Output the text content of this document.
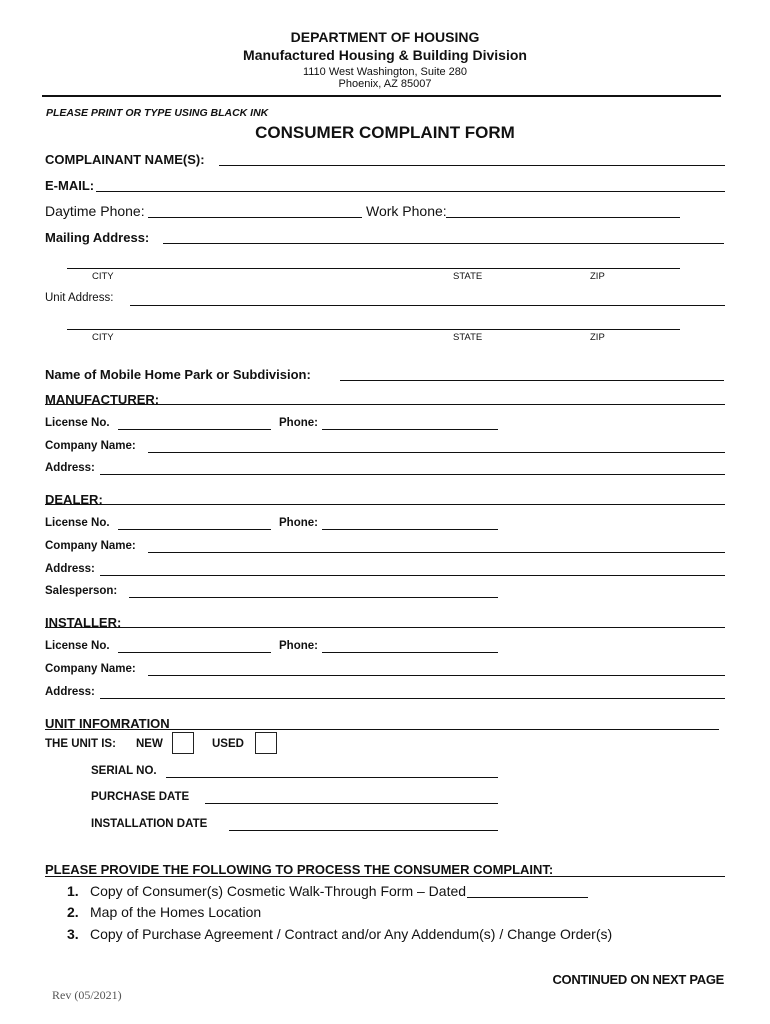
DEPARTMENT OF HOUSING
Manufactured Housing & Building Division
1110 West Washington, Suite 280
Phoenix, AZ 85007
PLEASE PRINT OR TYPE USING BLACK INK
CONSUMER COMPLAINT FORM
COMPLAINANT NAME(S):
E-MAIL:
Daytime Phone:	Work Phone:
Mailing Address:
CITY	STATE	ZIP
Unit Address:
CITY	STATE	ZIP
Name of Mobile Home Park or Subdivision:
MANUFACTURER:
License No.	Phone:
Company Name:
Address:
DEALER:
License No.	Phone:
Company Name:
Address:
Salesperson:
INSTALLER:
License No.	Phone:
Company Name:
Address:
UNIT INFOMRATION
THE UNIT IS: NEW	USED
SERIAL NO.
PURCHASE DATE
INSTALLATION DATE
PLEASE PROVIDE THE FOLLOWING TO PROCESS THE CONSUMER COMPLAINT:
1. Copy of Consumer(s) Cosmetic Walk-Through Form – Dated
2. Map of the Homes Location
3. Copy of Purchase Agreement / Contract and/or Any Addendum(s) / Change Order(s)
CONTINUED ON NEXT PAGE
Rev (05/2021)
